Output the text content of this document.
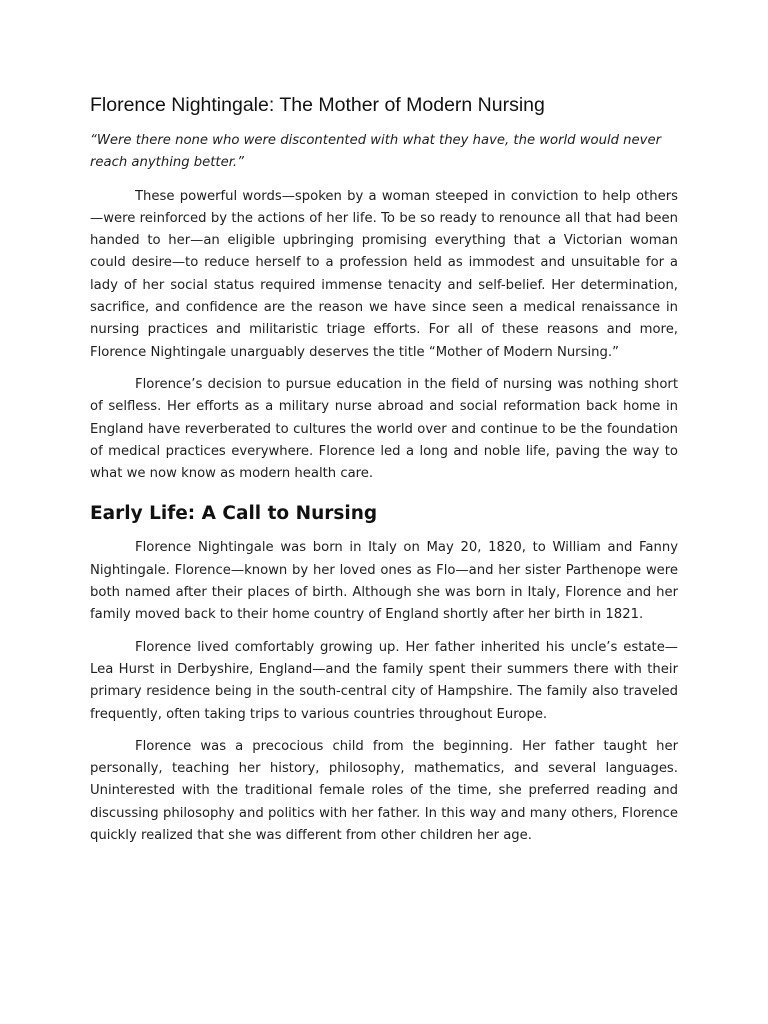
Florence Nightingale: The Mother of Modern Nursing

“Were there none who were discontented with what they have, the world would never reach anything better.”

These powerful words—spoken by a woman steeped in conviction to help others—were reinforced by the actions of her life. To be so ready to renounce all that had been handed to her—an eligible upbringing promising everything that a Victorian woman could desire—to reduce herself to a profession held as immodest and unsuitable for a lady of her social status required immense tenacity and self-belief. Her determination, sacrifice, and confidence are the reason we have since seen a medical renaissance in nursing practices and militaristic triage efforts. For all of these reasons and more, Florence Nightingale unarguably deserves the title “Mother of Modern Nursing.”

Florence’s decision to pursue education in the field of nursing was nothing short of selfless. Her efforts as a military nurse abroad and social reformation back home in England have reverberated to cultures the world over and continue to be the foundation of medical practices everywhere. Florence led a long and noble life, paving the way to what we now know as modern health care.

Early Life: A Call to Nursing

Florence Nightingale was born in Italy on May 20, 1820, to William and Fanny Nightingale. Florence—known by her loved ones as Flo—and her sister Parthenope were both named after their places of birth. Although she was born in Italy, Florence and her family moved back to their home country of England shortly after her birth in 1821.

Florence lived comfortably growing up. Her father inherited his uncle’s estate—Lea Hurst in Derbyshire, England—and the family spent their summers there with their primary residence being in the south-central city of Hampshire. The family also traveled frequently, often taking trips to various countries throughout Europe.

Florence was a precocious child from the beginning. Her father taught her personally, teaching her history, philosophy, mathematics, and several languages. Uninterested with the traditional female roles of the time, she preferred reading and discussing philosophy and politics with her father. In this way and many others, Florence quickly realized that she was different from other children her age.
